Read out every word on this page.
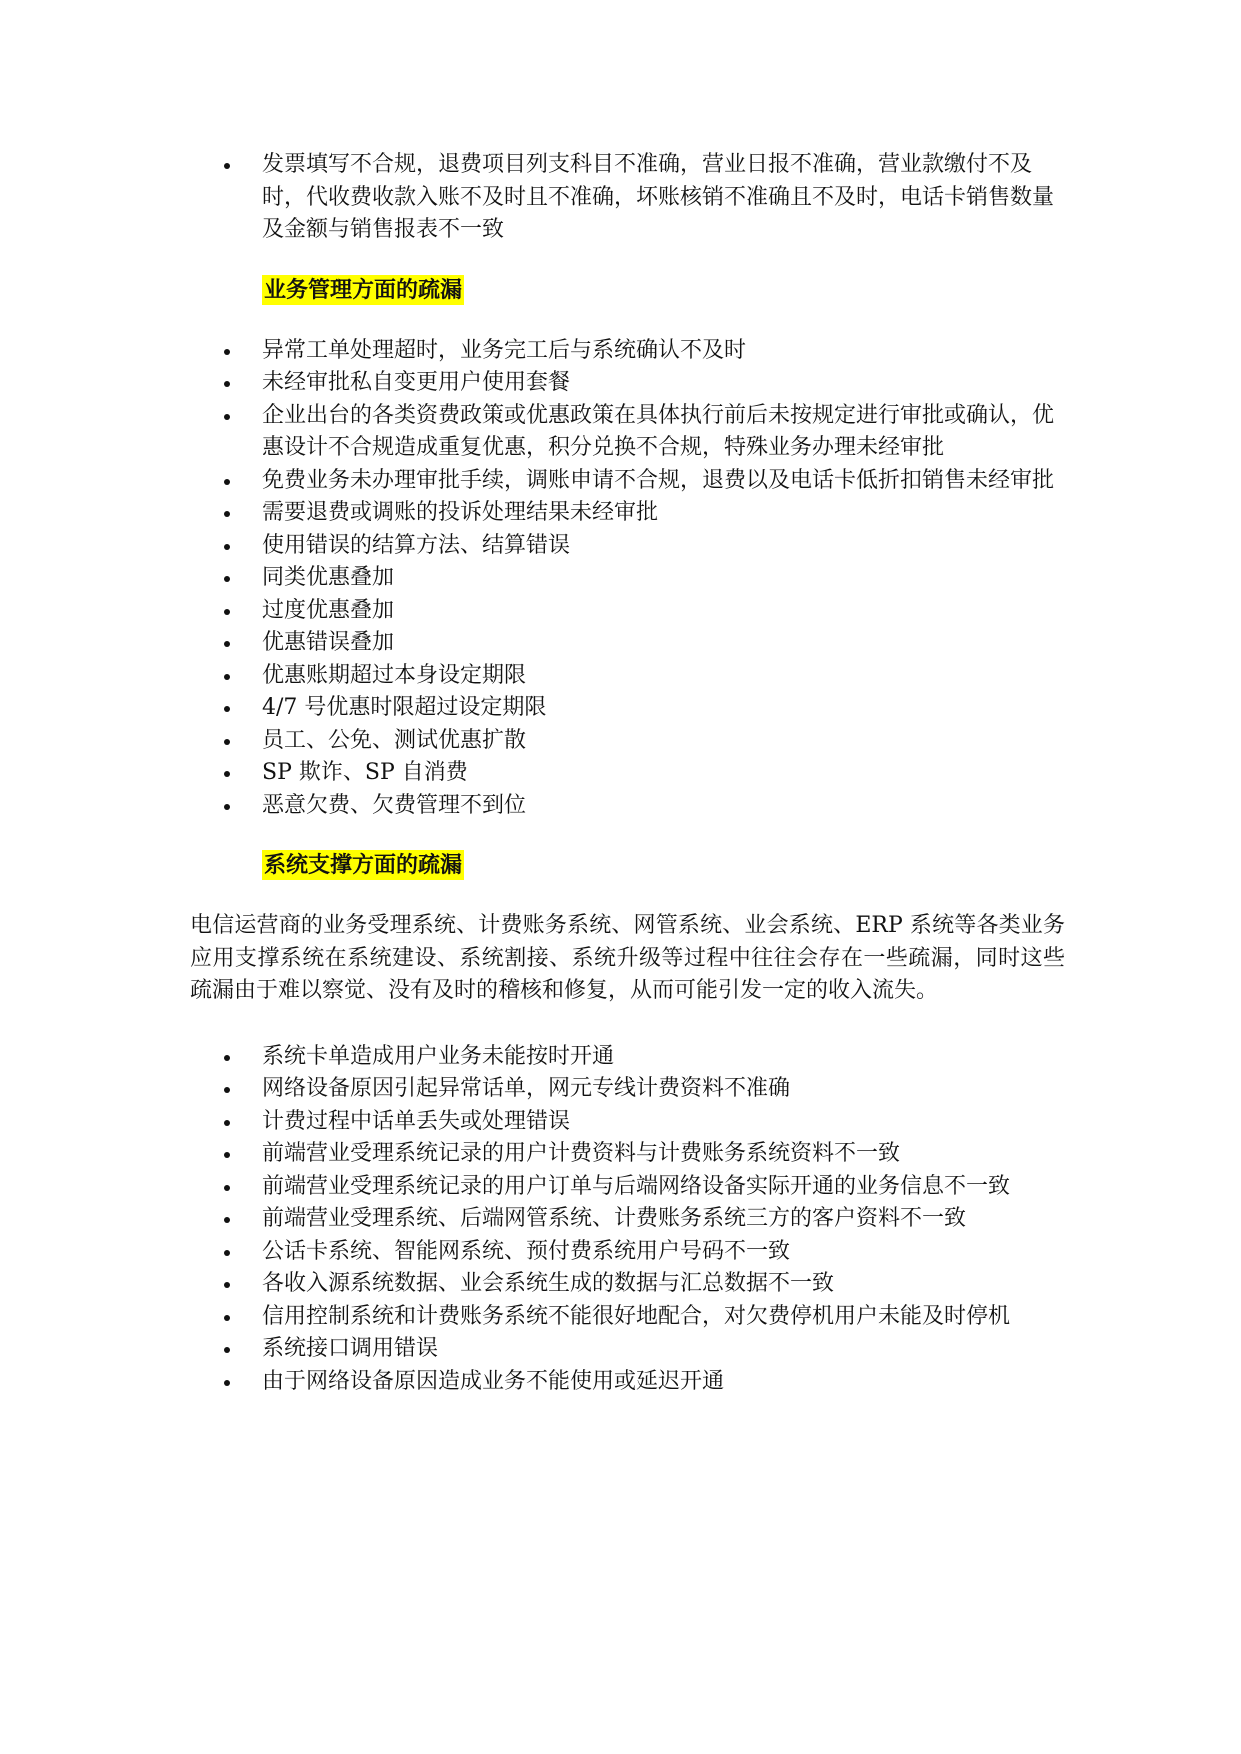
发票填写不合规，退费项目列支科目不准确，营业日报不准确，营业款缴付不及时，代收费收款入账不及时且不准确，坏账核销不准确且不及时，电话卡销售数量及金额与销售报表不一致
业务管理方面的疏漏
异常工单处理超时，业务完工后与系统确认不及时
未经审批私自变更用户使用套餐
企业出台的各类资费政策或优惠政策在具体执行前后未按规定进行审批或确认，优惠设计不合规造成重复优惠，积分兑换不合规，特殊业务办理未经审批
免费业务未办理审批手续，调账申请不合规，退费以及电话卡低折扣销售未经审批
需要退费或调账的投诉处理结果未经审批
使用错误的结算方法、结算错误
同类优惠叠加
过度优惠叠加
优惠错误叠加
优惠账期超过本身设定期限
4/7 号优惠时限超过设定期限
员工、公免、测试优惠扩散
SP 欺诈、SP 自消费
恶意欠费、欠费管理不到位
系统支撑方面的疏漏

电信运营商的业务受理系统、计费账务系统、网管系统、业会系统、ERP 系统等各类业务应用支撑系统在系统建设、系统割接、系统升级等过程中往往会存在一些疏漏，同时这些疏漏由于难以察觉、没有及时的稽核和修复，从而可能引发一定的收入流失。

系统卡单造成用户业务未能按时开通
网络设备原因引起异常话单，网元专线计费资料不准确
计费过程中话单丢失或处理错误
前端营业受理系统记录的用户计费资料与计费账务系统资料不一致
前端营业受理系统记录的用户订单与后端网络设备实际开通的业务信息不一致
前端营业受理系统、后端网管系统、计费账务系统三方的客户资料不一致
公话卡系统、智能网系统、预付费系统用户号码不一致
各收入源系统数据、业会系统生成的数据与汇总数据不一致
信用控制系统和计费账务系统不能很好地配合，对欠费停机用户未能及时停机
系统接口调用错误
由于网络设备原因造成业务不能使用或延迟开通
